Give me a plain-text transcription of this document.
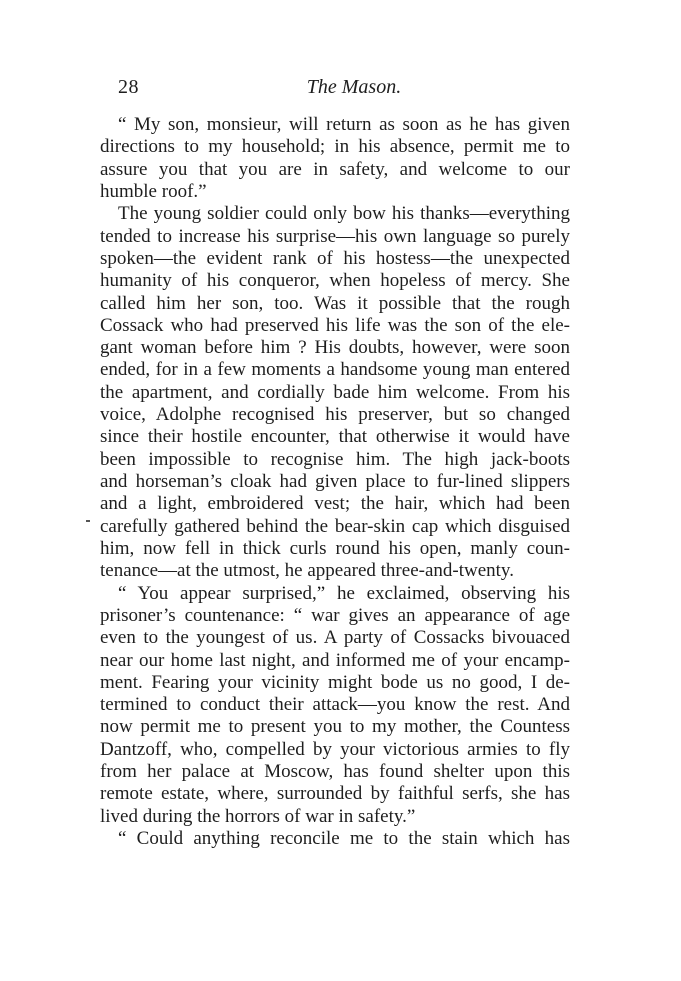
28	The Mason.
“ My son, monsieur, will return as soon as he has given
directions to my household; in his absence, permit me to
assure you that you are in safety, and welcome to our
humble roof.”
The young soldier could only bow his thanks—everything
tended to increase his surprise—his own language so purely
spoken—the evident rank of his hostess—the unexpected
humanity of his conqueror, when hopeless of mercy. She
called him her son, too. Was it possible that the rough
Cossack who had preserved his life was the son of the ele-
gant woman before him ? His doubts, however, were soon
ended, for in a few moments a handsome young man entered
the apartment, and cordially bade him welcome. From his
voice, Adolphe recognised his preserver, but so changed
since their hostile encounter, that otherwise it would have
been impossible to recognise him. The high jack-boots
and horseman’s cloak had given place to fur-lined slippers
and a light, embroidered vest; the hair, which had been
carefully gathered behind the bear-skin cap which disguised
him, now fell in thick curls round his open, manly coun-
tenance—at the utmost, he appeared three-and-twenty.
“ You appear surprised,” he exclaimed, observing his
prisoner’s countenance: “ war gives an appearance of age
even to the youngest of us. A party of Cossacks bivouaced
near our home last night, and informed me of your encamp-
ment. Fearing your vicinity might bode us no good, I de-
termined to conduct their attack—you know the rest. And
now permit me to present you to my mother, the Countess
Dantzoff, who, compelled by your victorious armies to fly
from her palace at Moscow, has found shelter upon this
remote estate, where, surrounded by faithful serfs, she has
lived during the horrors of war in safety.”
“ Could anything reconcile me to the stain which has
